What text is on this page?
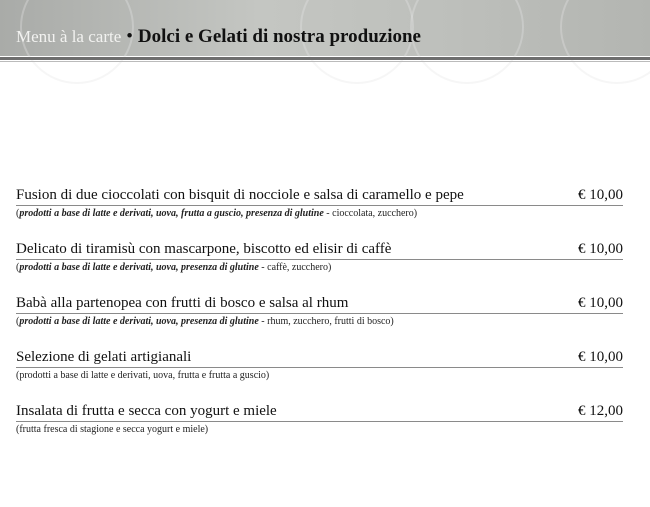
Menu à la carte • Dolci e Gelati di nostra produzione
Fusion di due cioccolati con bisquit di nocciole e salsa di caramello e pepe	€ 10,00
(prodotti a base di latte e derivati, uova, frutta a guscio, presenza di glutine - cioccolata, zucchero)
Delicato di tiramisù con mascarpone, biscotto ed elisir di caffè	€ 10,00
(prodotti a base di latte e derivati, uova, presenza di glutine - caffè, zucchero)
Babà alla partenopea con frutti di bosco e salsa al rhum	€ 10,00
(prodotti a base di latte e derivati, uova, presenza di glutine - rhum, zucchero, frutti di bosco)
Selezione di gelati artigianali	€ 10,00
(prodotti a base di latte e derivati, uova, frutta e frutta a guscio)
Insalata di frutta e secca con yogurt e miele	€ 12,00
(frutta fresca di stagione e secca yogurt e miele)
